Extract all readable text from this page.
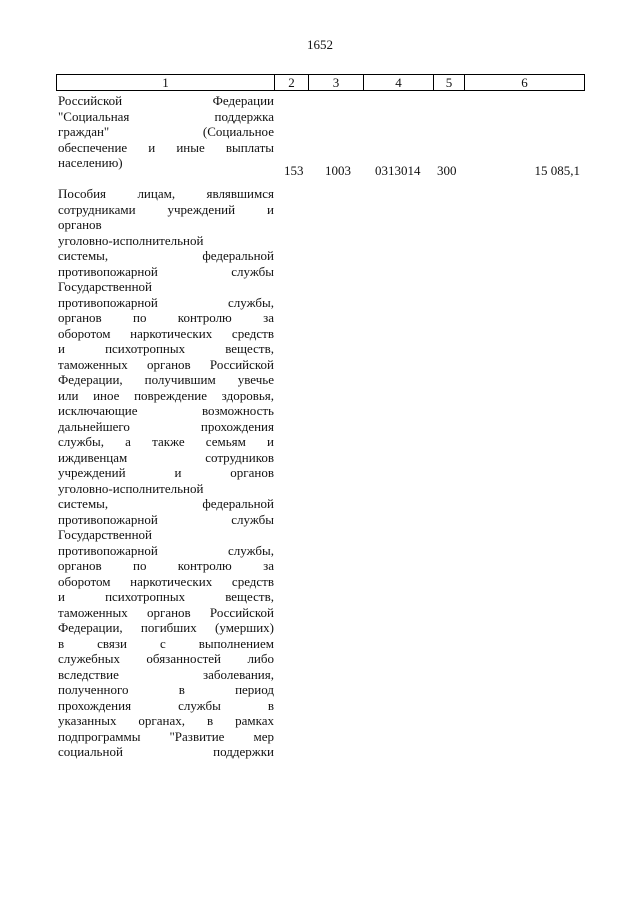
1652
1	2	3	4	5	6
Российской Федерации
"Социальная поддержка
граждан" (Социальное
обеспечение и иные выплаты
населению)
153 1003 0313014 300	15 085,1
Пособия лицам, являвшимся
сотрудниками учреждений и
органов
уголовно-исполнительной
системы, федеральной
противопожарной службы
Государственной
противопожарной службы,
органов по контролю за
оборотом наркотических средств
и психотропных веществ,
таможенных органов Российской
Федерации, получившим увечье
или иное повреждение здоровья,
исключающие возможность
дальнейшего прохождения
службы, а также семьям и
иждивенцам сотрудников
учреждений и органов
уголовно-исполнительной
системы, федеральной
противопожарной службы
Государственной
противопожарной службы,
органов по контролю за
оборотом наркотических средств
и психотропных веществ,
таможенных органов Российской
Федерации, погибших (умерших)
в связи с выполнением
служебных обязанностей либо
вследствие заболевания,
полученного в период
прохождения службы в
указанных органах, в рамках
подпрограммы "Развитие мер
социальной поддержки
